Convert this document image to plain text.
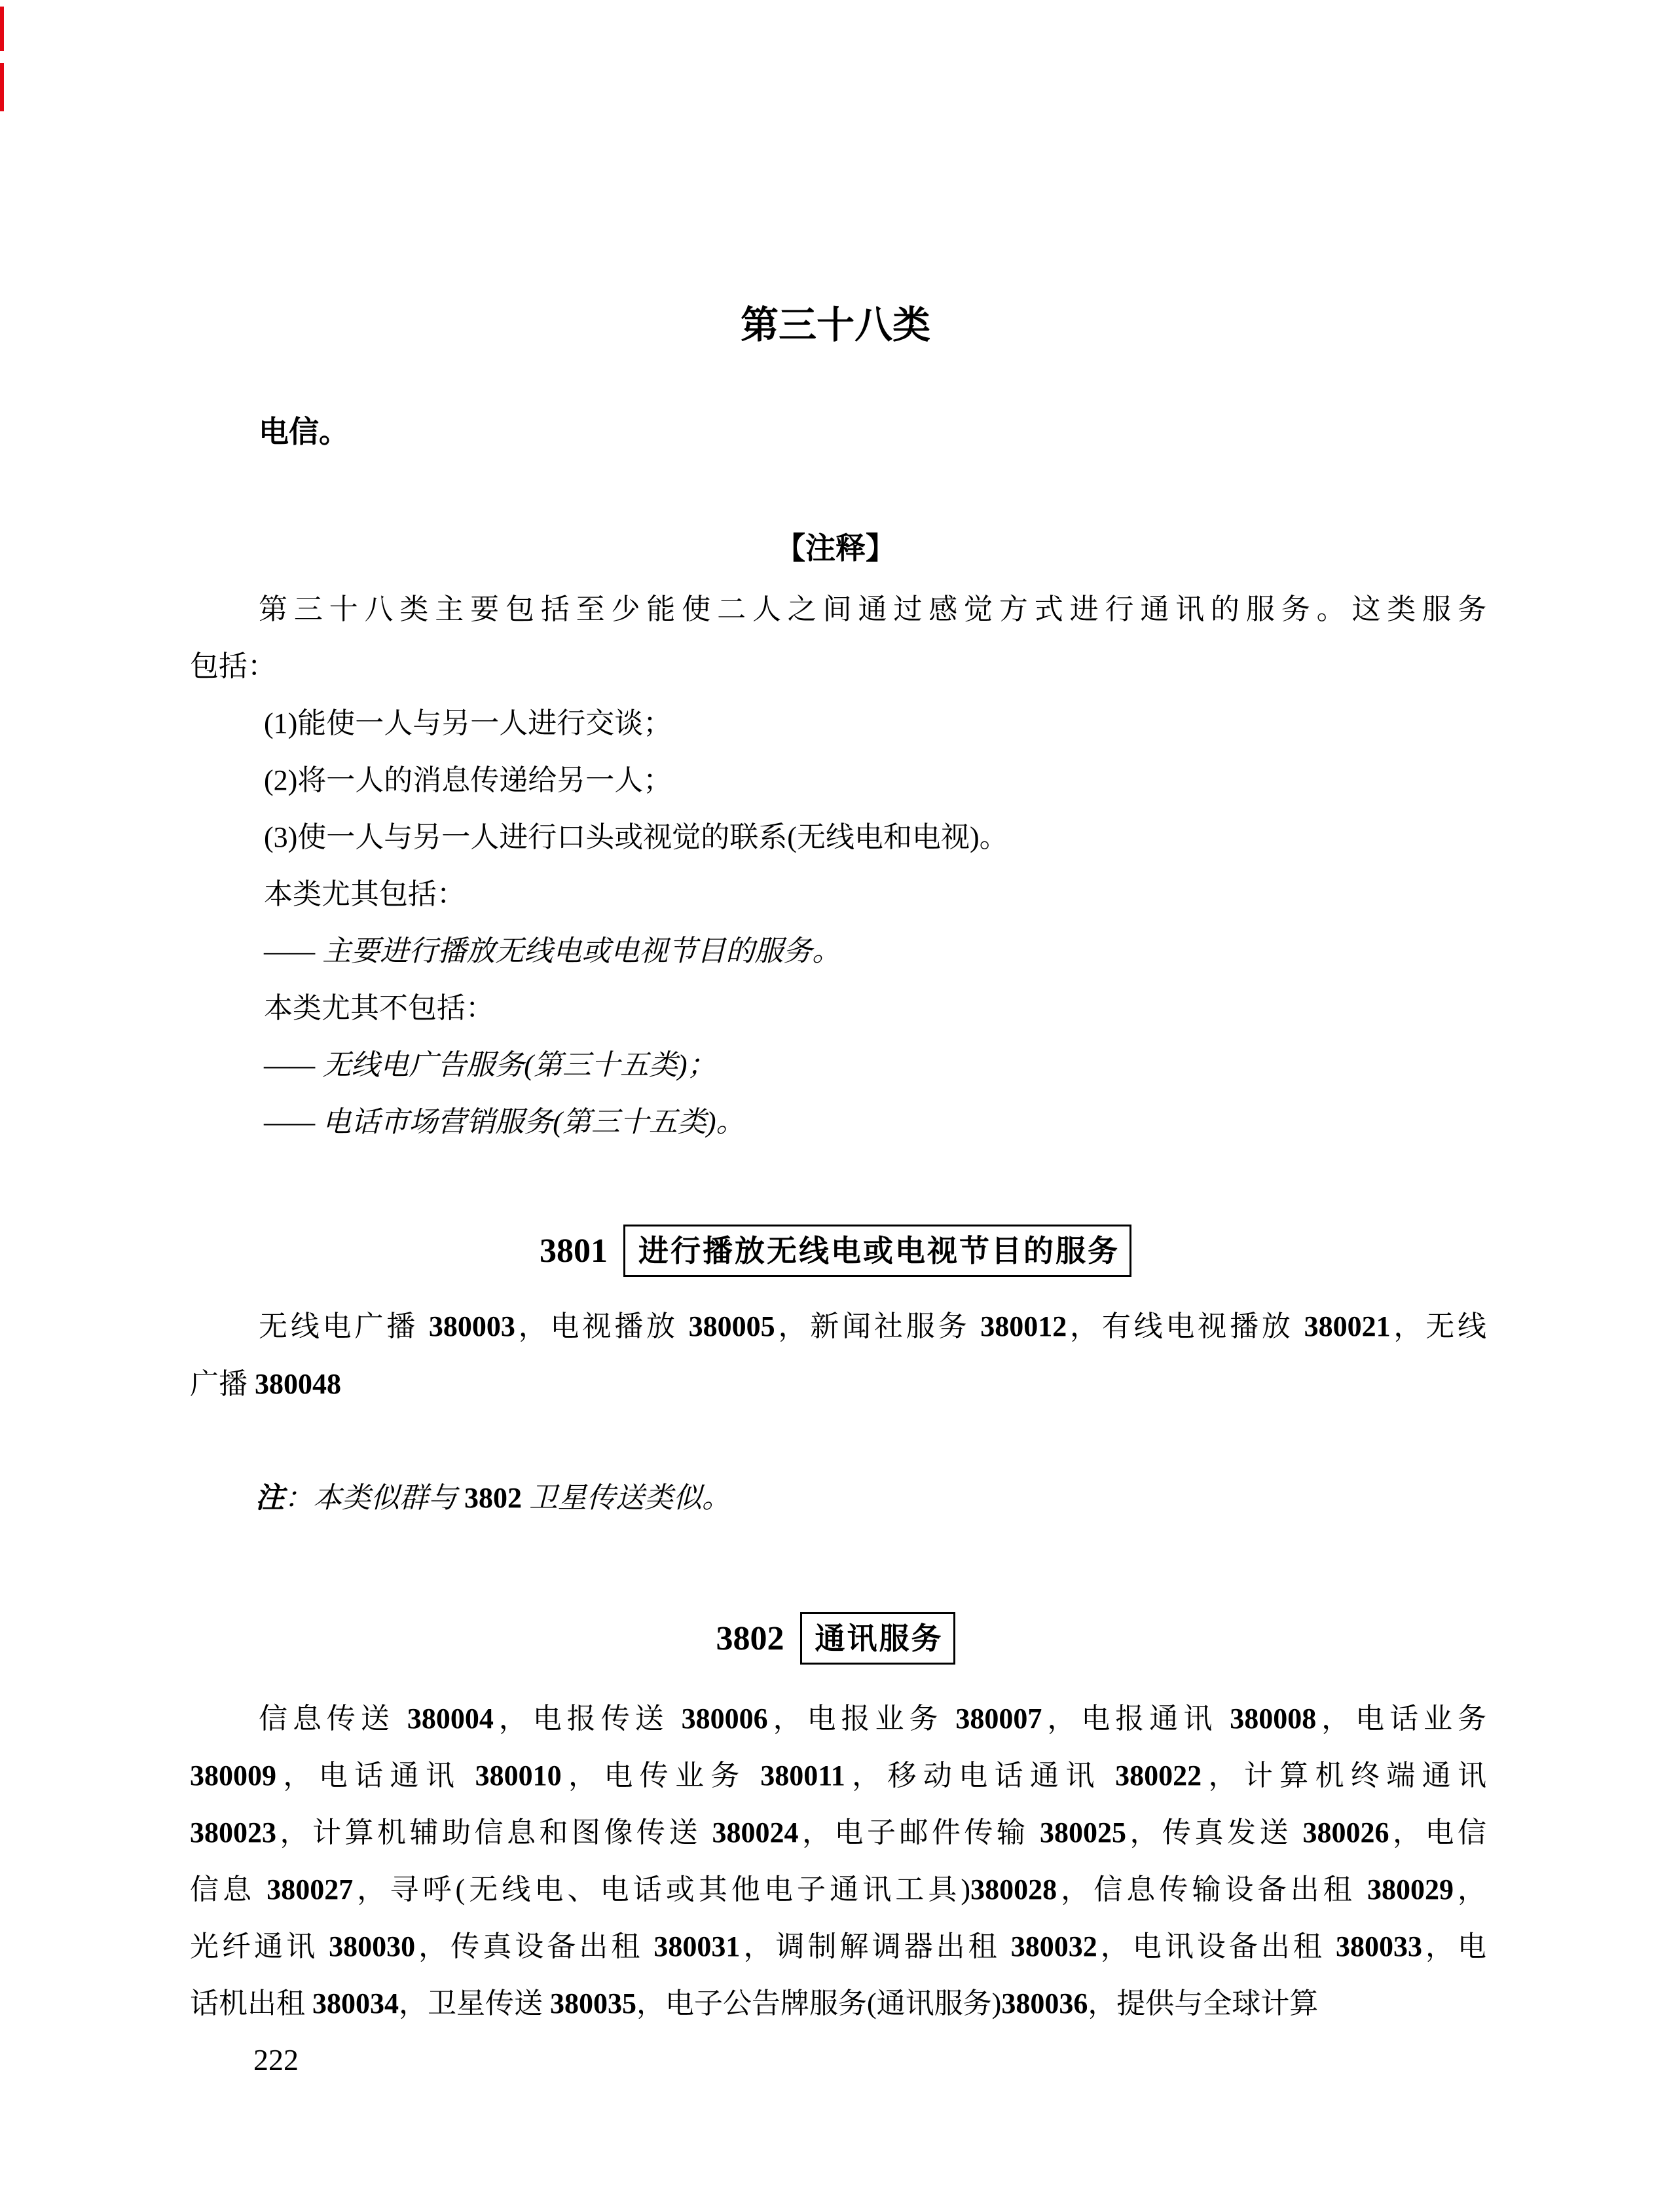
第三十八类
电信。
【注释】
第三十八类主要包括至少能使二人之间通过感觉方式进行通讯的服务。这类服务
包括：
(1)能使一人与另一人进行交谈；
(2)将一人的消息传递给另一人；
(3)使一人与另一人进行口头或视觉的联系(无线电和电视)。
本类尤其包括：
—— 主要进行播放无线电或电视节目的服务。
本类尤其不包括：
—— 无线电广告服务(第三十五类)；
—— 电话市场营销服务(第三十五类)。
3801	进行播放无线电或电视节目的服务
无线电广播 380003，电视播放 380005，新闻社服务 380012，有线电视播放 380021，无线
广播 380048
注：本类似群与 3802 卫星传送类似。
3802	通讯服务
信息传送 380004，电报传送 380006，电报业务 380007，电报通讯 380008，电话业务
380009，电话通讯 380010，电传业务 380011，移动电话通讯 380022，计算机终端通讯
380023，计算机辅助信息和图像传送 380024，电子邮件传输 380025，传真发送 380026，电信
信息 380027，寻呼(无线电、电话或其他电子通讯工具)380028，信息传输设备出租 380029，
光纤通讯 380030，传真设备出租 380031，调制解调器出租 380032，电讯设备出租 380033，电
话机出租 380034，卫星传送 380035，电子公告牌服务(通讯服务)380036，提供与全球计算
222
